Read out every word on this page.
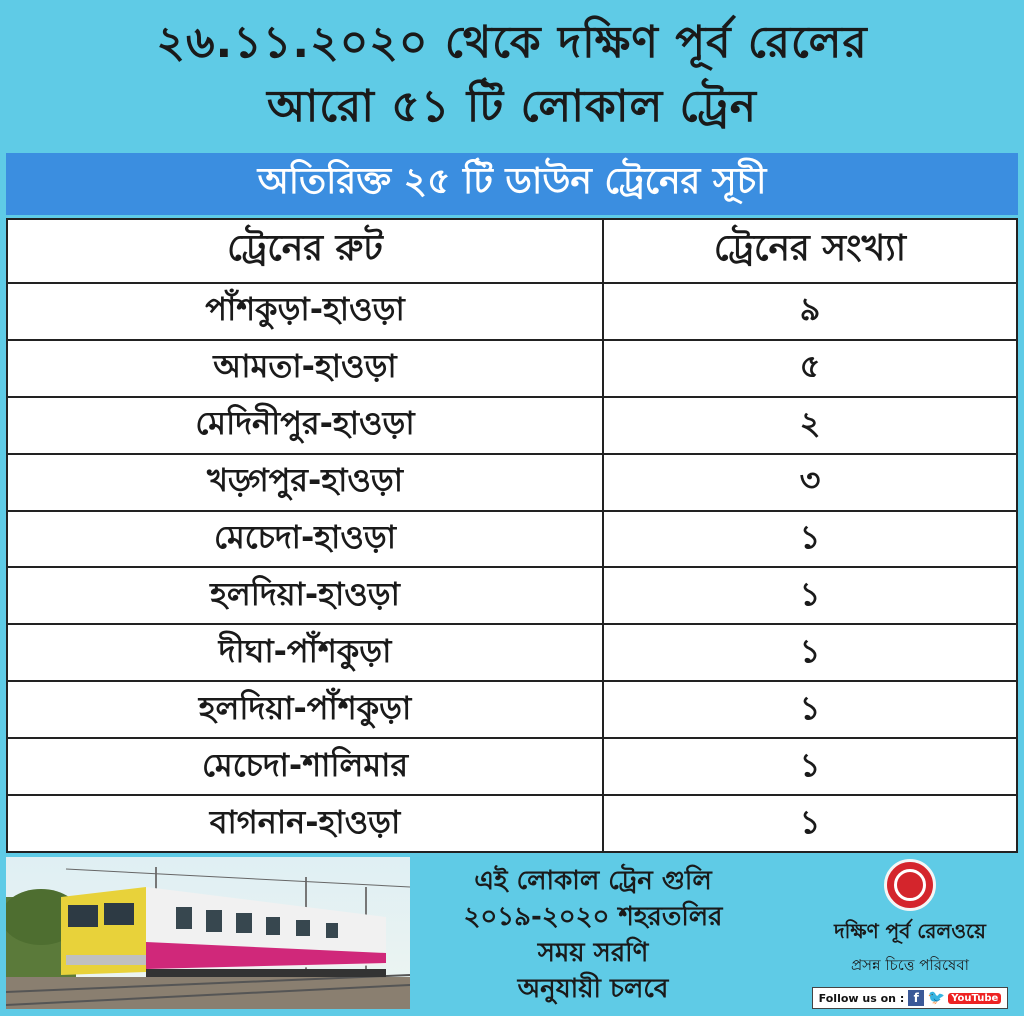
২৬.১১.২০২০ থেকে দক্ষিণ পূর্ব রেলের
আরো ৫১ টি লোকাল ট্রেন
অতিরিক্ত ২৫ টি ডাউন ট্রেনের সূচী
ট্রেনের রুট	ট্রেনের সংখ্যা
পাঁশকুড়া-হাওড়া	৯
আমতা-হাওড়া	৫
মেদিনীপুর-হাওড়া	২
খড়্গপুর-হাওড়া	৩
মেচেদা-হাওড়া	১
হলদিয়া-হাওড়া	১
দীঘা-পাঁশকুড়া	১
হলদিয়া-পাঁশকুড়া	১
মেচেদা-শালিমার	১
বাগনান-হাওড়া	১
এই লোকাল ট্রেন গুলি
২০১৯-২০২০ শহরতলির
সময় সরণি
অনুযায়ী চলবে
দক্ষিণ পূর্ব রেলওয়ে
প্রসন্ন চিত্তে পরিষেবা
Follow us on : f 🐦 YouTube
